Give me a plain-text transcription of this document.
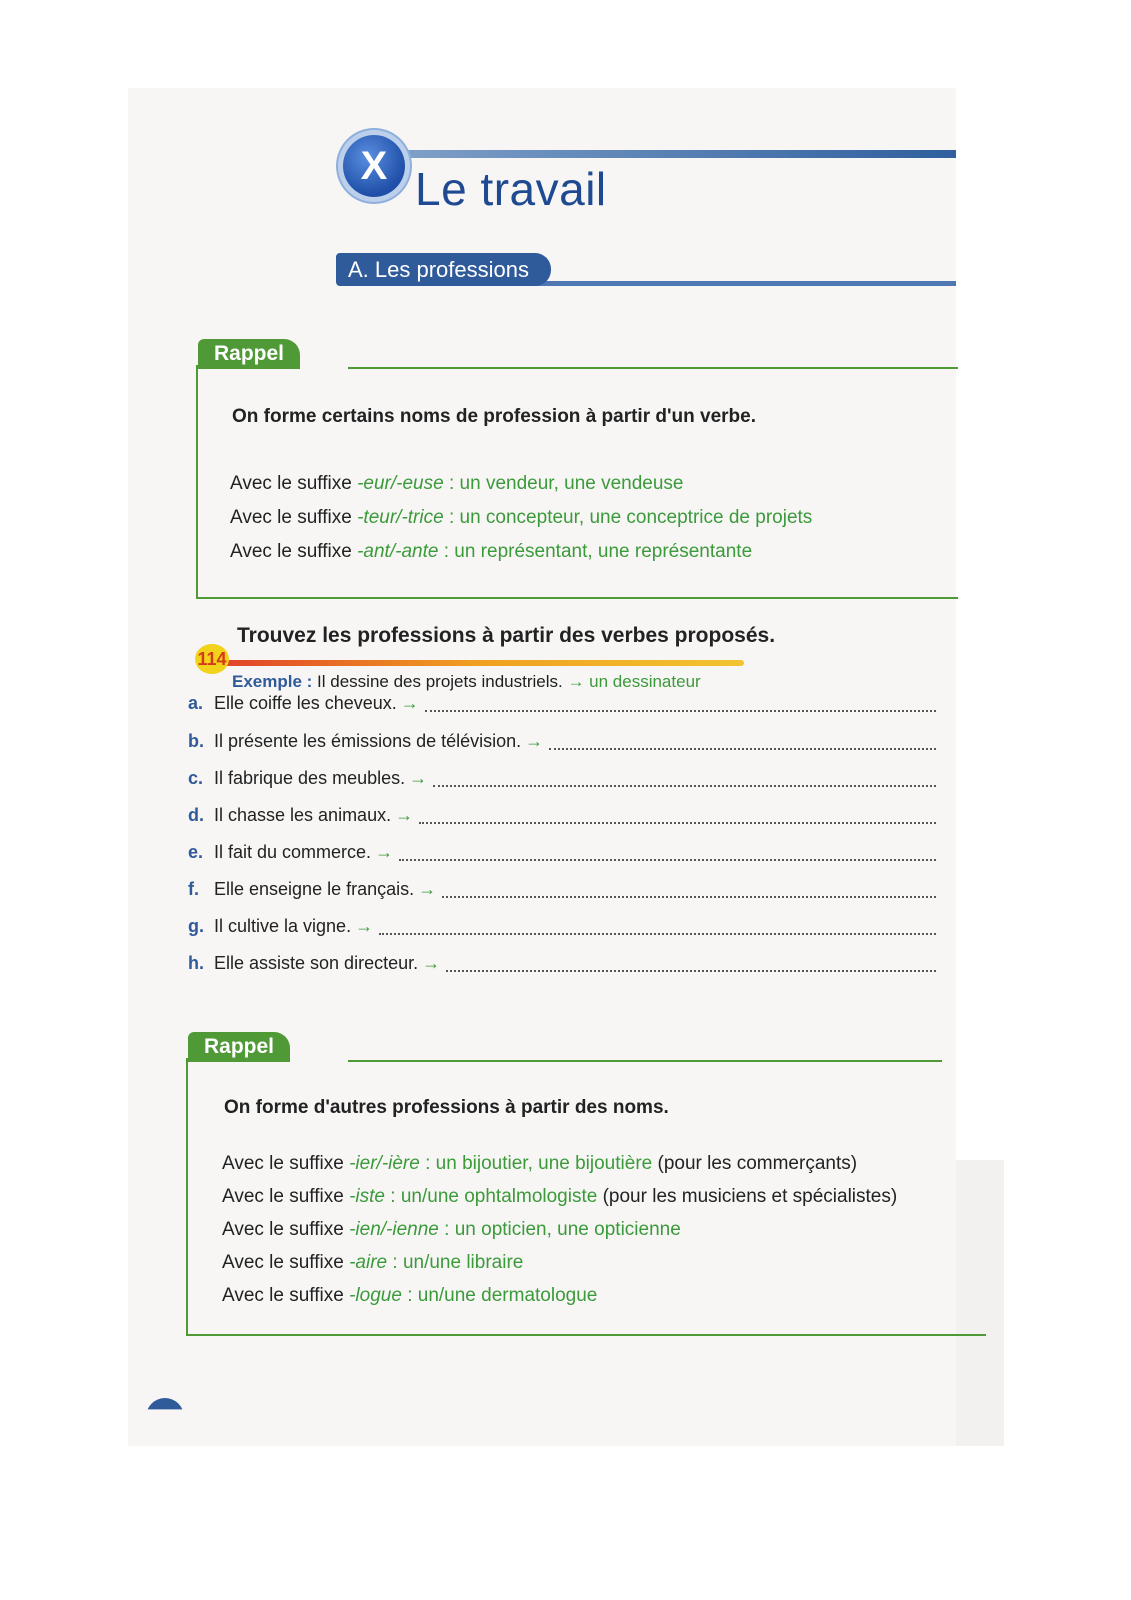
X Le travail
A. Les professions
Rappel
On forme certains noms de profession à partir d'un verbe.
Avec le suffixe -eur/-euse : un vendeur, une vendeuse
Avec le suffixe -teur/-trice : un concepteur, une conceptrice de projets
Avec le suffixe -ant/-ante : un représentant, une représentante
114
Trouvez les professions à partir des verbes proposés.
Exemple : Il dessine des projets industriels. → un dessinateur
a. Elle coiffe les cheveux. →
b. Il présente les émissions de télévision. →
c. Il fabrique des meubles. →
d. Il chasse les animaux. →
e. Il fait du commerce. →
f. Elle enseigne le français. →
g. Il cultive la vigne. →
h. Elle assiste son directeur. →
Rappel
On forme d'autres professions à partir des noms.
Avec le suffixe -ier/-ière : un bijoutier, une bijoutière (pour les commerçants)
Avec le suffixe -iste : un/une ophtalmologiste (pour les musiciens et spécialistes)
Avec le suffixe -ien/-ienne : un opticien, une opticienne
Avec le suffixe -aire : un/une libraire
Avec le suffixe -logue : un/une dermatologue
